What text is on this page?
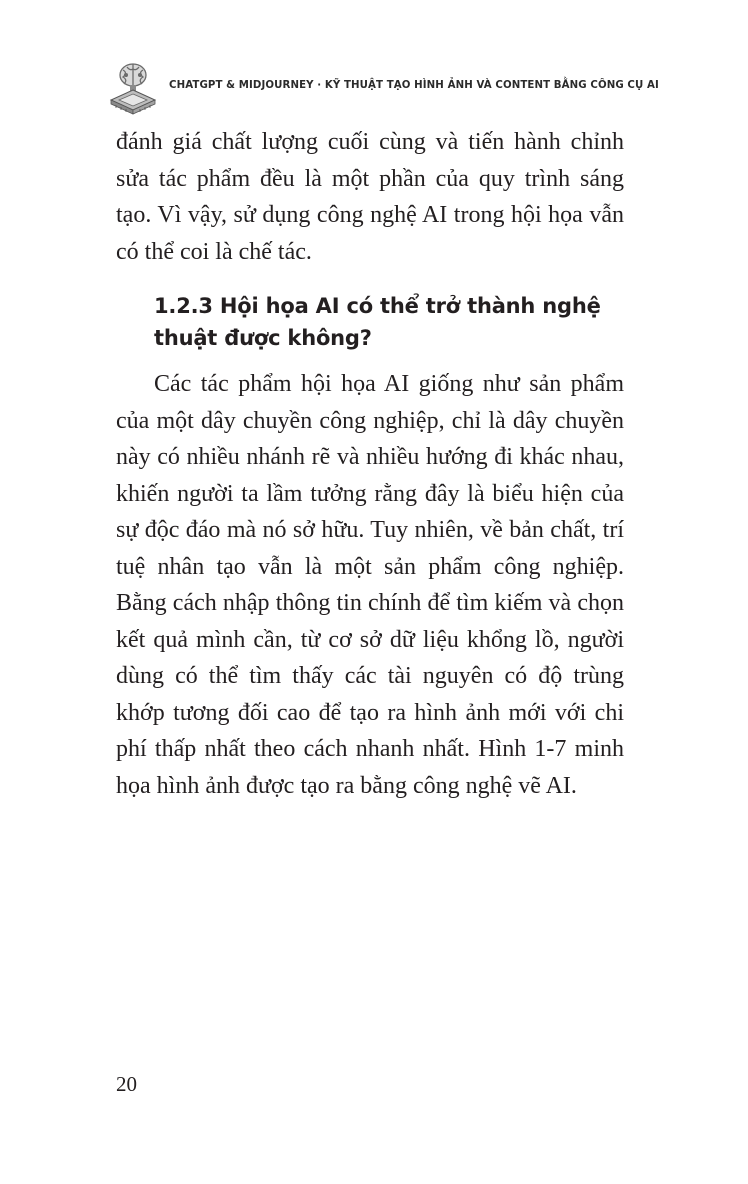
CHATGPT & MIDJOURNEY · KỸ THUẬT TẠO HÌNH ẢNH VÀ CONTENT BẰNG CÔNG CỤ AI

đánh giá chất lượng cuối cùng và tiến hành chỉnh sửa tác phẩm đều là một phần của quy trình sáng tạo. Vì vậy, sử dụng công nghệ AI trong hội họa vẫn có thể coi là chế tác.

1.2.3 Hội họa AI có thể trở thành nghệ thuật được không?

Các tác phẩm hội họa AI giống như sản phẩm của một dây chuyền công nghiệp, chỉ là dây chuyền này có nhiều nhánh rẽ và nhiều hướng đi khác nhau, khiến người ta lầm tưởng rằng đây là biểu hiện của sự độc đáo mà nó sở hữu. Tuy nhiên, về bản chất, trí tuệ nhân tạo vẫn là một sản phẩm công nghiệp. Bằng cách nhập thông tin chính để tìm kiếm và chọn kết quả mình cần, từ cơ sở dữ liệu khổng lồ, người dùng có thể tìm thấy các tài nguyên có độ trùng khớp tương đối cao để tạo ra hình ảnh mới với chi phí thấp nhất theo cách nhanh nhất. Hình 1-7 minh họa hình ảnh được tạo ra bằng công nghệ vẽ AI.

20
